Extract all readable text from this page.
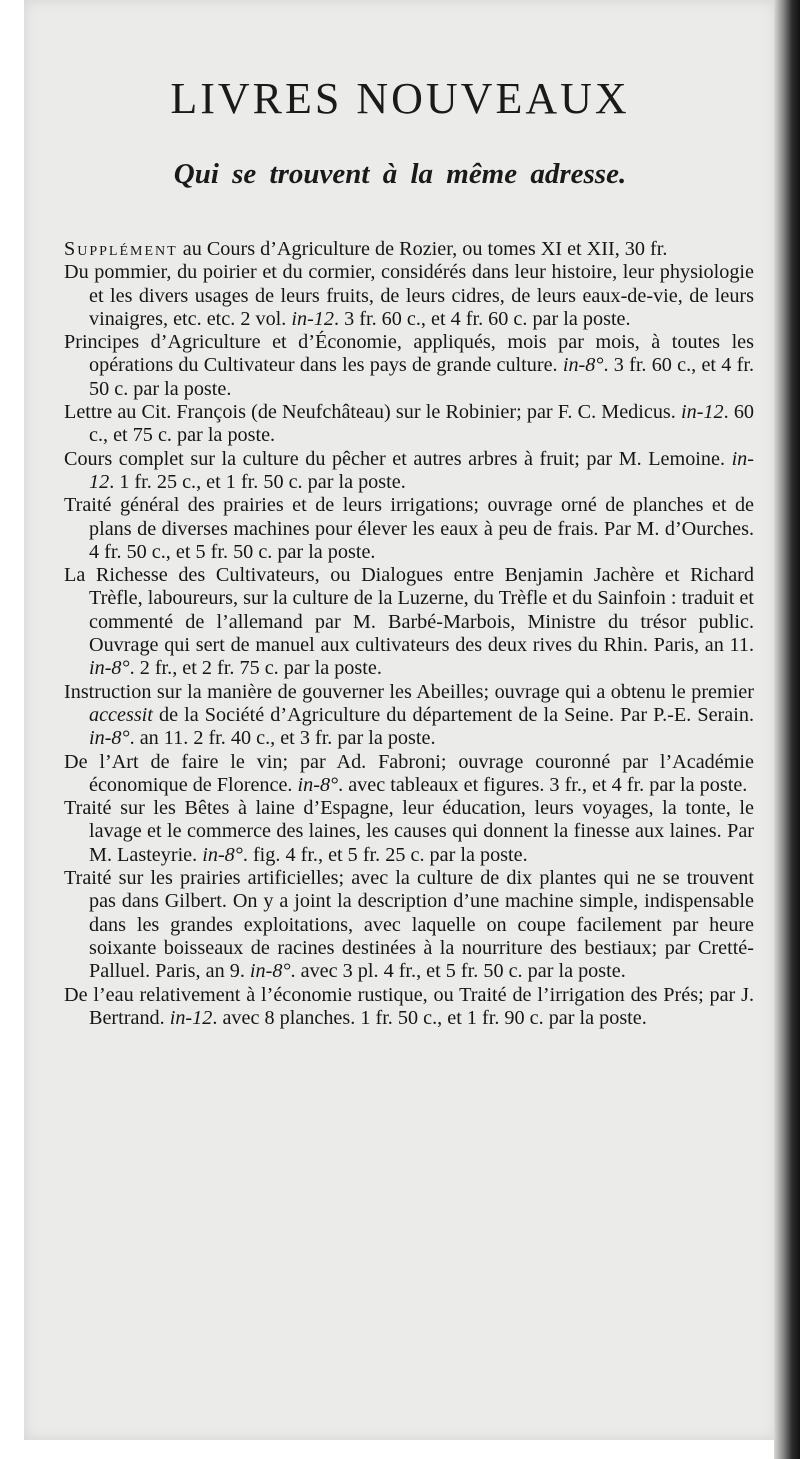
LIVRES NOUVEAUX
Qui se trouvent à la même adresse.

Supplément au Cours d’Agriculture de Rozier, ou tomes XI et XII, 30 fr.

Du pommier, du poirier et du cormier, considérés dans leur histoire, leur physiologie et les divers usages de leurs fruits, de leurs cidres, de leurs eaux-de-vie, de leurs vinaigres, etc. etc. 2 vol. in-12. 3 fr. 60 c., et 4 fr. 60 c. par la poste.

Principes d’Agriculture et d’Économie, appliqués, mois par mois, à toutes les opérations du Cultivateur dans les pays de grande culture. in-8°. 3 fr. 60 c., et 4 fr. 50 c. par la poste.

Lettre au Cit. François (de Neufchâteau) sur le Robinier; par F. C. Medicus. in-12. 60 c., et 75 c. par la poste.

Cours complet sur la culture du pêcher et autres arbres à fruit; par M. Lemoine. in-12. 1 fr. 25 c., et 1 fr. 50 c. par la poste.

Traité général des prairies et de leurs irrigations; ouvrage orné de planches et de plans de diverses machines pour élever les eaux à peu de frais. Par M. d’Ourches. 4 fr. 50 c., et 5 fr. 50 c. par la poste.

La Richesse des Cultivateurs, ou Dialogues entre Benjamin Jachère et Richard Trèfle, laboureurs, sur la culture de la Luzerne, du Trèfle et du Sainfoin : traduit et commenté de l’allemand par M. Barbé-Marbois, Ministre du trésor public. Ouvrage qui sert de manuel aux cultivateurs des deux rives du Rhin. Paris, an 11. in-8°. 2 fr., et 2 fr. 75 c. par la poste.

Instruction sur la manière de gouverner les Abeilles; ouvrage qui a obtenu le premier accessit de la Société d’Agriculture du département de la Seine. Par P.-E. Serain. in-8°. an 11. 2 fr. 40 c., et 3 fr. par la poste.

De l’Art de faire le vin; par Ad. Fabroni; ouvrage couronné par l’Académie économique de Florence. in-8°. avec tableaux et figures. 3 fr., et 4 fr. par la poste.

Traité sur les Bêtes à laine d’Espagne, leur éducation, leurs voyages, la tonte, le lavage et le commerce des laines, les causes qui donnent la finesse aux laines. Par M. Lasteyrie. in-8°. fig. 4 fr., et 5 fr. 25 c. par la poste.

Traité sur les prairies artificielles; avec la culture de dix plantes qui ne se trouvent pas dans Gilbert. On y a joint la description d’une machine simple, indispensable dans les grandes exploitations, avec laquelle on coupe facilement par heure soixante boisseaux de racines destinées à la nourriture des bestiaux; par Cretté-Palluel. Paris, an 9. in-8°. avec 3 pl. 4 fr., et 5 fr. 50 c. par la poste.

De l’eau relativement à l’économie rustique, ou Traité de l’irrigation des Prés; par J. Bertrand. in-12. avec 8 planches. 1 fr. 50 c., et 1 fr. 90 c. par la poste.
